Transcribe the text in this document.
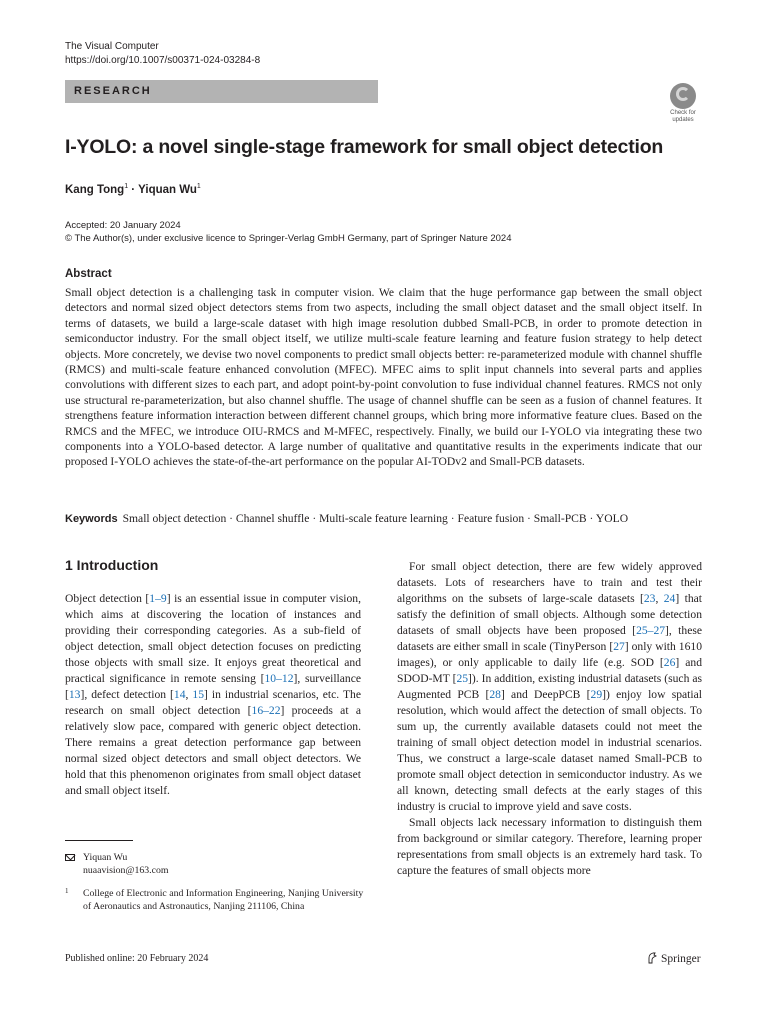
The Visual Computer
https://doi.org/10.1007/s00371-024-03284-8
RESEARCH
Check for
updates
I-YOLO: a novel single-stage framework for small object detection
Kang Tong$^1$ · Yiquan Wu$^1$
Accepted: 20 January 2024
© The Author(s), under exclusive licence to Springer-Verlag GmbH Germany, part of Springer Nature 2024
Abstract
Small object detection is a challenging task in computer vision. We claim that the huge performance gap between the small object detectors and normal sized object detectors stems from two aspects, including the small object dataset and the small object itself. In terms of datasets, we build a large-scale dataset with high image resolution dubbed Small-PCB, in order to promote detection in semiconductor industry. For the small object itself, we utilize multi-scale feature learning and feature fusion strategy to help detect objects. More concretely, we devise two novel components to predict small objects better: re-parameterized module with channel shuffle (RMCS) and multi-scale feature enhanced convolution (MFEC). MFEC aims to split input channels into several parts and applies convolutions with different sizes to each part, and adopt point-by-point convolution to fuse individual channel features. RMCS not only use structural re-parameterization, but also channel shuffle. The usage of channel shuffle can be seen as a fusion of channel features. It strengthens feature information interaction between different channel groups, which bring more informative feature clues. Based on the RMCS and the MFEC, we introduce OIU-RMCS and M-MFEC, respectively. Finally, we build our I-YOLO via integrating these two components into a YOLO-based detector. A large number of qualitative and quantitative results in the experiments indicate that our proposed I-YOLO achieves the state-of-the-art performance on the popular AI-TODv2 and Small-PCB datasets.
Keywords Small object detection · Channel shuffle · Multi-scale feature learning · Feature fusion · Small-PCB · YOLO
1 Introduction

Object detection [1–9] is an essential issue in computer vision, which aims at discovering the location of instances and providing their corresponding categories. As a sub-field of object detection, small object detection focuses on predicting those objects with small size. It enjoys great theoretical and practical significance in remote sensing [10–12], surveillance [13], defect detection [14, 15] in industrial scenarios, etc. The research on small object detection [16–22] proceeds at a relatively slow pace, compared with generic object detection. There remains a great detection performance gap between normal sized object detectors and small object detectors. We hold that this phenomenon originates from small object dataset and small object itself.

For small object detection, there are few widely approved datasets. Lots of researchers have to train and test their algorithms on the subsets of large-scale datasets [23, 24] that satisfy the definition of small objects. Although some detection datasets of small objects have been proposed [25–27], these datasets are either small in scale (TinyPerson [27] only with 1610 images), or only applicable to daily life (e.g. SOD [26] and SDOD-MT [25]). In addition, existing industrial datasets (such as Augmented PCB [28] and DeepPCB [29]) enjoy low spatial resolution, which would affect the detection of small objects. To sum up, the currently available datasets could not meet the training of small object detection model in industrial scenarios. Thus, we construct a large-scale dataset named Small-PCB to promote small object detection in semiconductor industry. As we all known, detecting small defects at the early stages of this industry is crucial to improve yield and save costs.

Small objects lack necessary information to distinguish them from background or similar category. Therefore, learning proper representations from small objects is an extremely hard task. To capture the features of small objects more

Yiquan Wu
nuaavision@163.com
1 College of Electronic and Information Engineering, Nanjing University of Aeronautics and Astronautics, Nanjing 211106, China
Published online: 20 February 2024	Springer
